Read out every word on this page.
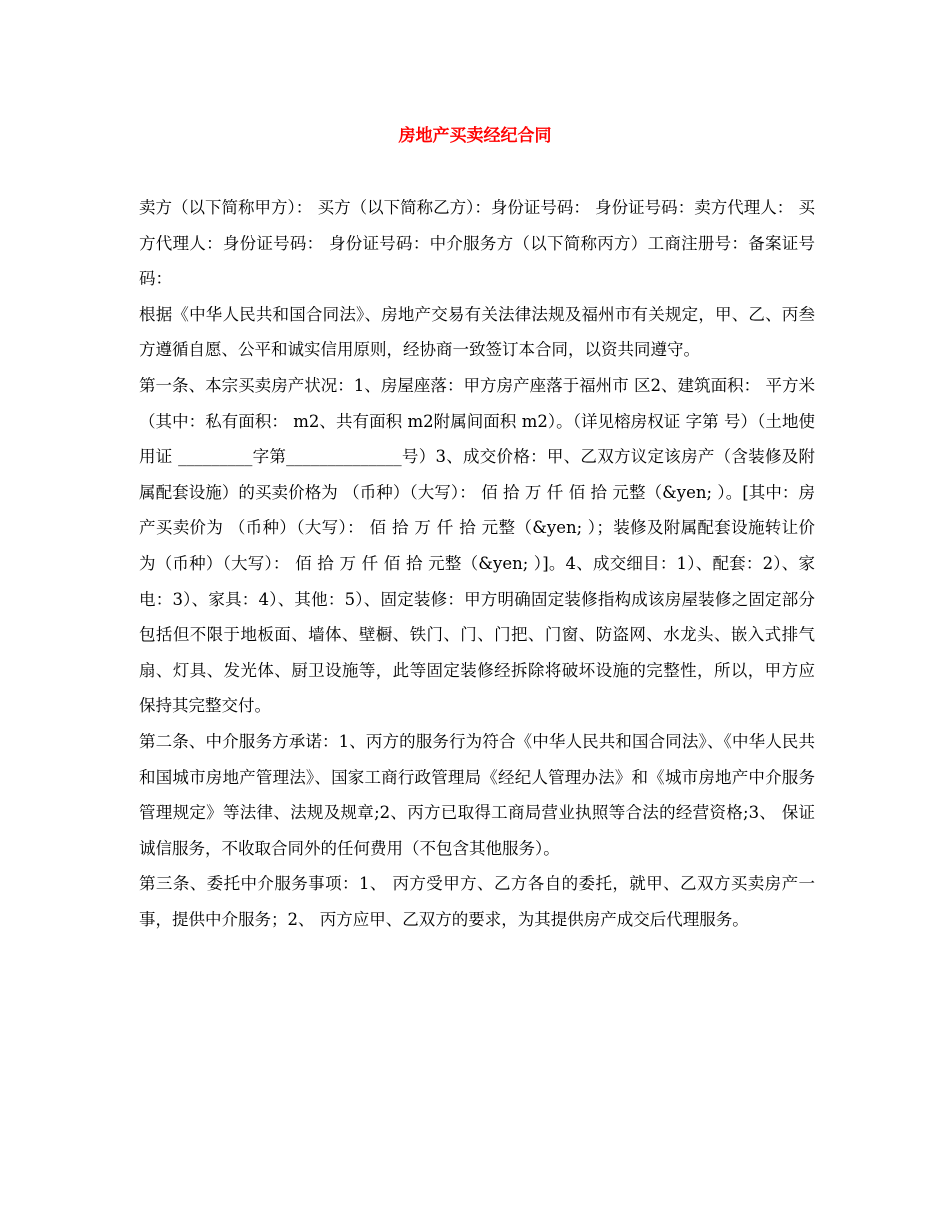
房地产买卖经纪合同

卖方（以下简称甲方）： 买方（以下简称乙方）：身份证号码： 身份证号码：卖方代理人： 买方代理人：身份证号码： 身份证号码：中介服务方（以下简称丙方）工商注册号：备案证号码：

根据《中华人民共和国合同法》、房地产交易有关法律法规及福州市有关规定，甲、乙、丙叁方遵循自愿、公平和诚实信用原则，经协商一致签订本合同，以资共同遵守。

第一条、本宗买卖房产状况：1、房屋座落：甲方房产座落于福州市 区2、建筑面积： 平方米（其中：私有面积： m2、共有面积 m2附属间面积 m2）。（详见榕房权证 字第 号）（土地使用证 _________字第______________号）3、成交价格：甲、乙双方议定该房产（含装修及附属配套设施）的买卖价格为 （币种）（大写）： 佰 拾 万 仟 佰 拾 元整（&yen; ）。[其中：房产买卖价为 （币种）（大写）： 佰 拾 万 仟 拾 元整（&yen; ）；装修及附属配套设施转让价为（币种）（大写）： 佰 拾 万 仟 佰 拾 元整（&yen; ）]。4、成交细目：1）、配套：2）、家电：3）、家具：4）、其他：5）、固定装修：甲方明确固定装修指构成该房屋装修之固定部分包括但不限于地板面、墙体、壁橱、铁门、门、门把、门窗、防盗网、水龙头、嵌入式排气扇、灯具、发光体、厨卫设施等，此等固定装修经拆除将破坏设施的完整性，所以，甲方应保持其完整交付。

第二条、中介服务方承诺：1、丙方的服务行为符合《中华人民共和国合同法》、《中华人民共和国城市房地产管理法》、国家工商行政管理局《经纪人管理办法》和《城市房地产中介服务管理规定》等法律、法规及规章;2、丙方已取得工商局营业执照等合法的经营资格;3、 保证诚信服务，不收取合同外的任何费用（不包含其他服务）。

第三条、委托中介服务事项：1、 丙方受甲方、乙方各自的委托，就甲、乙双方买卖房产一事，提供中介服务；2、 丙方应甲、乙双方的要求，为其提供房产成交后代理服务。
